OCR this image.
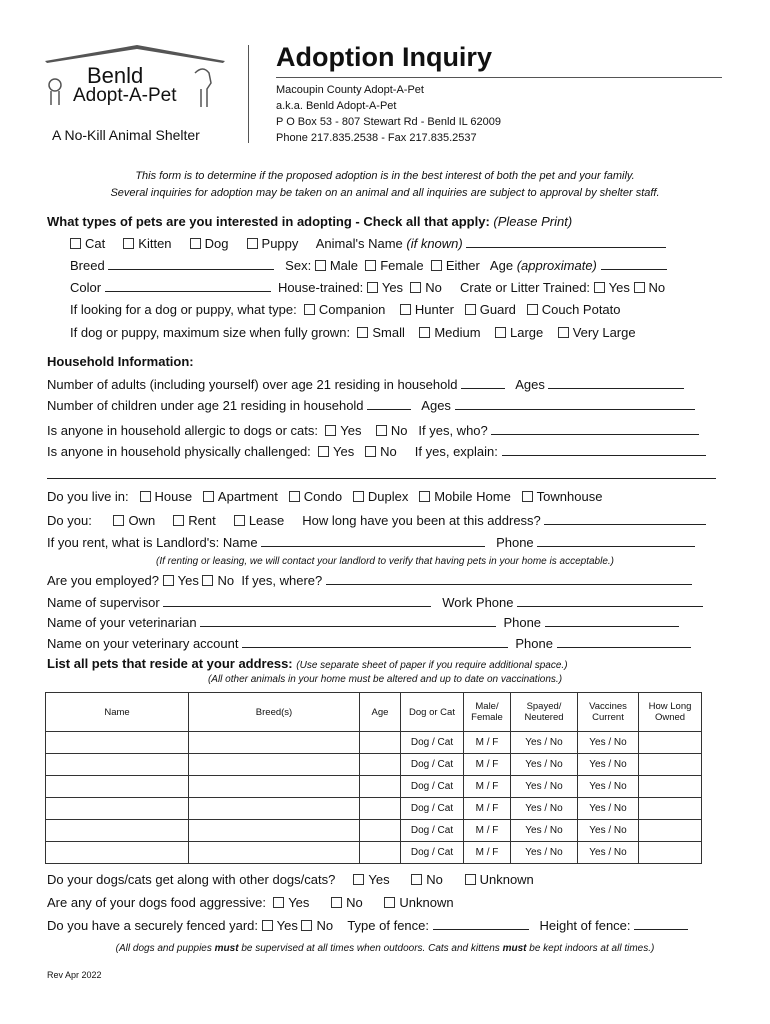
Benld
Adopt-A-Pet
A No-Kill Animal Shelter
Adoption Inquiry
Macoupin County Adopt-A-Pet
a.k.a. Benld Adopt-A-Pet
P O Box 53 - 807 Stewart Rd - Benld IL 62009
Phone 217.835.2538 - Fax 217.835.2537
This form is to determine if the proposed adoption is in the best interest of both the pet and your family.
Several inquiries for adoption may be taken on an animal and all inquiries are subject to approval by shelter staff.
What types of pets are you interested in adopting - Check all that apply: (Please Print)
Cat	Kitten	Dog	Puppy Animal's Name (if known)
Breed	Sex: Male Female Either Age (approximate)
Color	House-trained: Yes No Crate or Litter Trained: Yes No
If looking for a dog or puppy, what type: Companion Hunter Guard Couch Potato
If dog or puppy, maximum size when fully grown: Small Medium Large Very Large
Household Information:
Number of adults (including yourself) over age 21 residing in household	Ages
Number of children under age 21 residing in household	Ages
Is anyone in household allergic to dogs or cats: Yes No If yes, who?
Is anyone in household physically challenged: Yes No If yes, explain:
Do you live in: House Apartment Condo Duplex Mobile Home Townhouse
Do you:	Own	Rent	Lease How long have you been at this address?
If you rent, what is Landlord's: Name	Phone
(If renting or leasing, we will contact your landlord to verify that having pets in your home is acceptable.)
Are you employed? Yes No If yes, where?
Name of supervisor	Work Phone
Name of your veterinarian	Phone
Name on your veterinary account	Phone
List all pets that reside at your address: (Use separate sheet of paper if you require additional space.)
(All other animals in your home must be altered and up to date on vaccinations.)
Name	Breed(s)	Age	Dog or Cat	Male/ Female	Spayed/ Neutered	Vaccines Current	How Long Owned
			Dog / Cat	M / F	Yes / No	Yes / No	
			Dog / Cat	M / F	Yes / No	Yes / No	
			Dog / Cat	M / F	Yes / No	Yes / No	
			Dog / Cat	M / F	Yes / No	Yes / No	
			Dog / Cat	M / F	Yes / No	Yes / No	
			Dog / Cat	M / F	Yes / No	Yes / No	
Do your dogs/cats get along with other dogs/cats?	Yes	No	Unknown
Are any of your dogs food aggressive: Yes	No	Unknown
Do you have a securely fenced yard: Yes No Type of fence:	Height of fence:
(All dogs and puppies must be supervised at all times when outdoors. Cats and kittens must be kept indoors at all times.)
Rev Apr 2022
